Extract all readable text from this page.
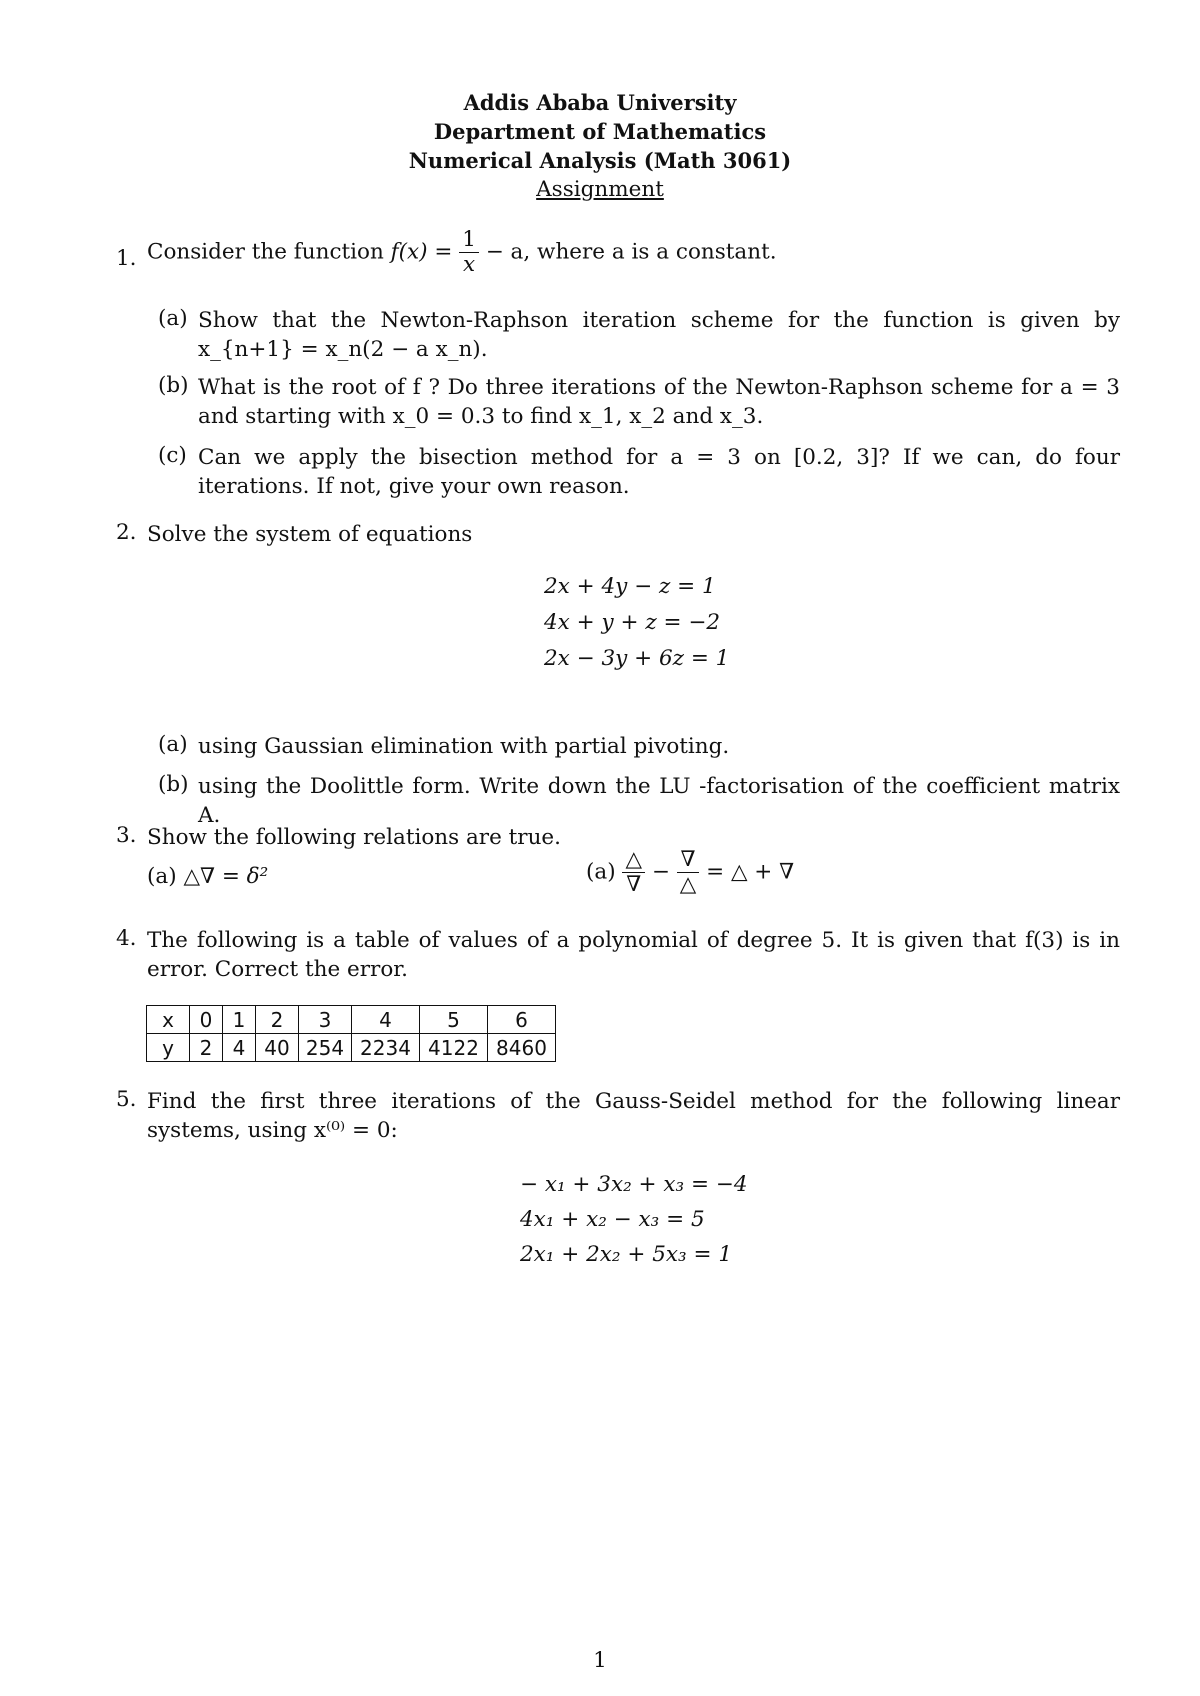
Addis Ababa University
Department of Mathematics
Numerical Analysis (Math 3061)
Assignment
1. Consider the function $f(x) = \frac{1}{x} - a$, where a is a constant.
(a) Show that the Newton-Raphson iteration scheme for the function is given by x_{n+1} = x_n(2 − a x_n).
(b) What is the root of f ? Do three iterations of the Newton-Raphson scheme for a = 3 and starting with x_0 = 0.3 to find x_1, x_2 and x_3.
(c) Can we apply the bisection method for a = 3 on [0.2, 3]? If we can, do four iterations. If not, give your own reason.
2. Solve the system of equations
2x + 4y − z = 1
4x + y + z = −2
2x − 3y + 6z = 1
(a) using Gaussian elimination with partial pivoting.
(b) using the Doolittle form. Write down the LU -factorisation of the coefficient matrix A.
3. Show the following relations are true.
(a) △∇ = δ²	$(a) \frac{\triangle}{\nabla} - \frac{\nabla}{\triangle}$ = △ + ∇
4. The following is a table of values of a polynomial of degree 5. It is given that f(3) is in error. Correct the error.
x	0	1	2	3	4	5	6
y	2	4	40	254	2234	4122	8460
5. Find the first three iterations of the Gauss-Seidel method for the following linear systems, using x⁽⁰⁾ = 0:
− x₁ + 3x₂ + x₃ = −4
4x₁ + x₂ − x₃ = 5
2x₁ + 2x₂ + 5x₃ = 1
1
